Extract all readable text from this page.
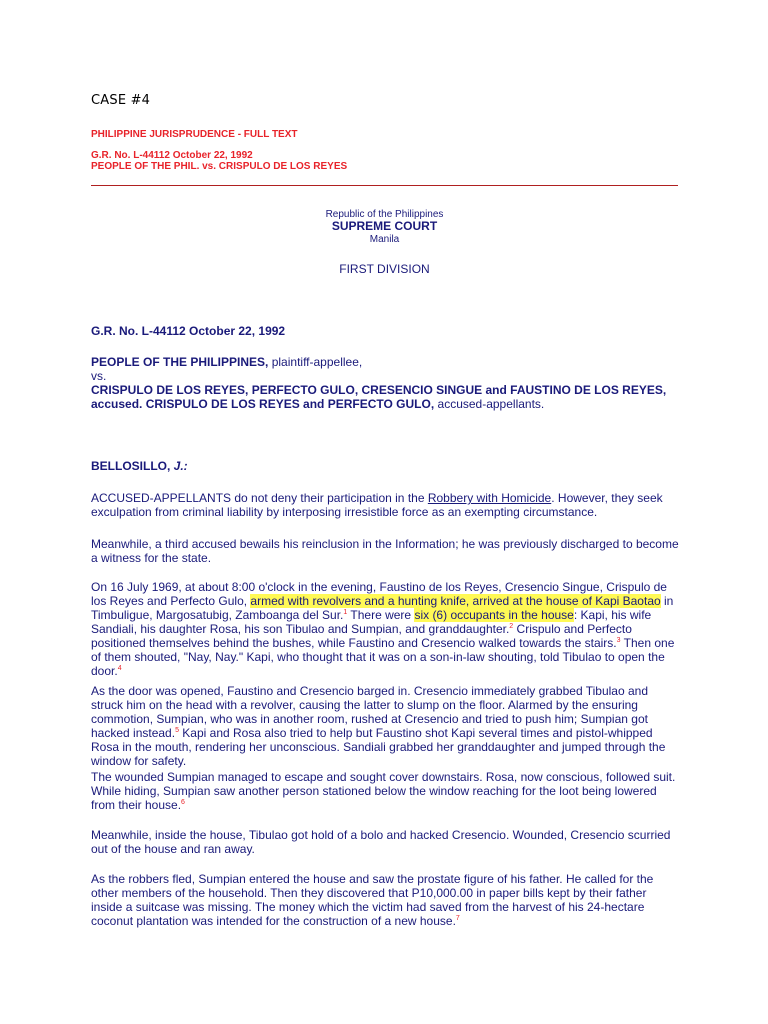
CASE #4
PHILIPPINE JURISPRUDENCE - FULL TEXT
G.R. No. L-44112 October 22, 1992
PEOPLE OF THE PHIL. vs. CRISPULO DE LOS REYES
Republic of the Philippines
SUPREME COURT
Manila
FIRST DIVISION
G.R. No. L-44112 October 22, 1992
PEOPLE OF THE PHILIPPINES, plaintiff-appellee,
vs.
CRISPULO DE LOS REYES, PERFECTO GULO, CRESENCIO SINGUE and FAUSTINO DE LOS REYES,
accused. CRISPULO DE LOS REYES and PERFECTO GULO, accused-appellants.
BELLOSILLO, J.:

ACCUSED-APPELLANTS do not deny their participation in the Robbery with Homicide. However, they seek exculpation from criminal liability by interposing irresistible force as an exempting circumstance.

Meanwhile, a third accused bewails his reinclusion in the Information; he was previously discharged to become a witness for the state.

On 16 July 1969, at about 8:00 o'clock in the evening, Faustino de los Reyes, Cresencio Singue, Crispulo de los Reyes and Perfecto Gulo, armed with revolvers and a hunting knife, arrived at the house of Kapi Baotao in Timbuligue, Margosatubig, Zamboanga del Sur.$^1$ There were six (6) occupants in the house: Kapi, his wife Sandiali, his daughter Rosa, his son Tibulao and Sumpian, and granddaughter.$^2$ Crispulo and Perfecto positioned themselves behind the bushes, while Faustino and Cresencio walked towards the stairs.$^3$ Then one of them shouted, "Nay, Nay." Kapi, who thought that it was on a son-in-law shouting, told Tibulao to open the door.$^4$

As the door was opened, Faustino and Cresencio barged in. Cresencio immediately grabbed Tibulao and struck him on the head with a revolver, causing the latter to slump on the floor. Alarmed by the ensuring commotion, Sumpian, who was in another room, rushed at Cresencio and tried to push him; Sumpian got hacked instead.$^5$ Kapi and Rosa also tried to help but Faustino shot Kapi several times and pistol-whipped Rosa in the mouth, rendering her unconscious. Sandiali grabbed her granddaughter and jumped through the window for safety.

The wounded Sumpian managed to escape and sought cover downstairs. Rosa, now conscious, followed suit. While hiding, Sumpian saw another person stationed below the window reaching for the loot being lowered from their house.$^6$

Meanwhile, inside the house, Tibulao got hold of a bolo and hacked Cresencio. Wounded, Cresencio scurried out of the house and ran away.

As the robbers fled, Sumpian entered the house and saw the prostate figure of his father. He called for the other members of the household. Then they discovered that P10,000.00 in paper bills kept by their father inside a suitcase was missing. The money which the victim had saved from the harvest of his 24-hectare coconut plantation was intended for the construction of a new house.$^7$
